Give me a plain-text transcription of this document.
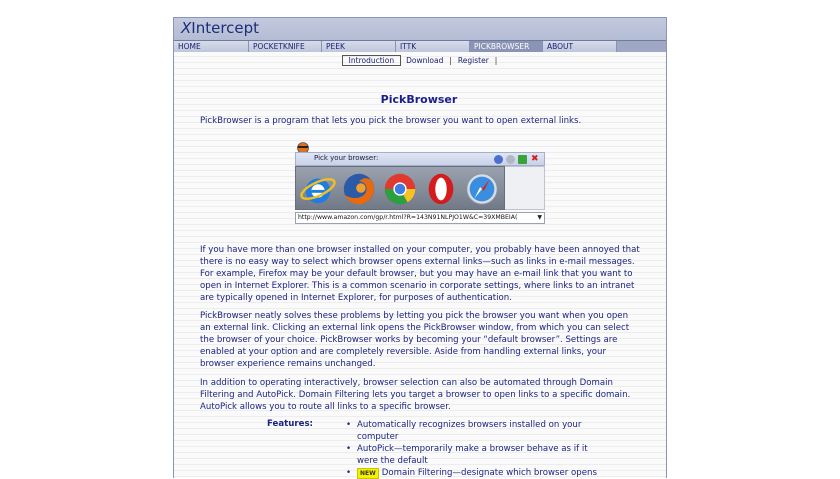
XIntercept
HOME	POCKETKNIFE	PEEK	ITTK	PICKBROWSER	ABOUT
Introduction Download | Register |
PickBrowser
PickBrowser is a program that lets you pick the browser you want to open external links.
Pick your browser:	✖
http://www.amazon.com/gp/r.html?R=143N91NLPJO1W&C=39XMBEIA(	▼
If you have more than one browser installed on your computer, you probably have been annoyed that there is no easy way to select which browser opens external links—such as links in e-mail messages. For example, Firefox may be your default browser, but you may have an e-mail link that you want to open in Internet Explorer. This is a common scenario in corporate settings, where links to an intranet are typically opened in Internet Explorer, for purposes of authentication.
PickBrowser neatly solves these problems by letting you pick the browser you want when you open an external link. Clicking an external link opens the PickBrowser window, from which you can select the browser of your choice. PickBrowser works by becoming your “default browser”. Settings are enabled at your option and are completely reversible. Aside from handling external links, your browser experience remains unchanged.
In addition to operating interactively, browser selection can also be automated through Domain Filtering and AutoPick. Domain Filtering lets you target a browser to open links to a specific domain. AutoPick allows you to route all links to a specific browser.
Features:
•	Automatically recognizes browsers installed on your computer
• AutoPick—temporarily make a browser behave as if it were the default
• NEW Domain Filtering—designate which browser opens
